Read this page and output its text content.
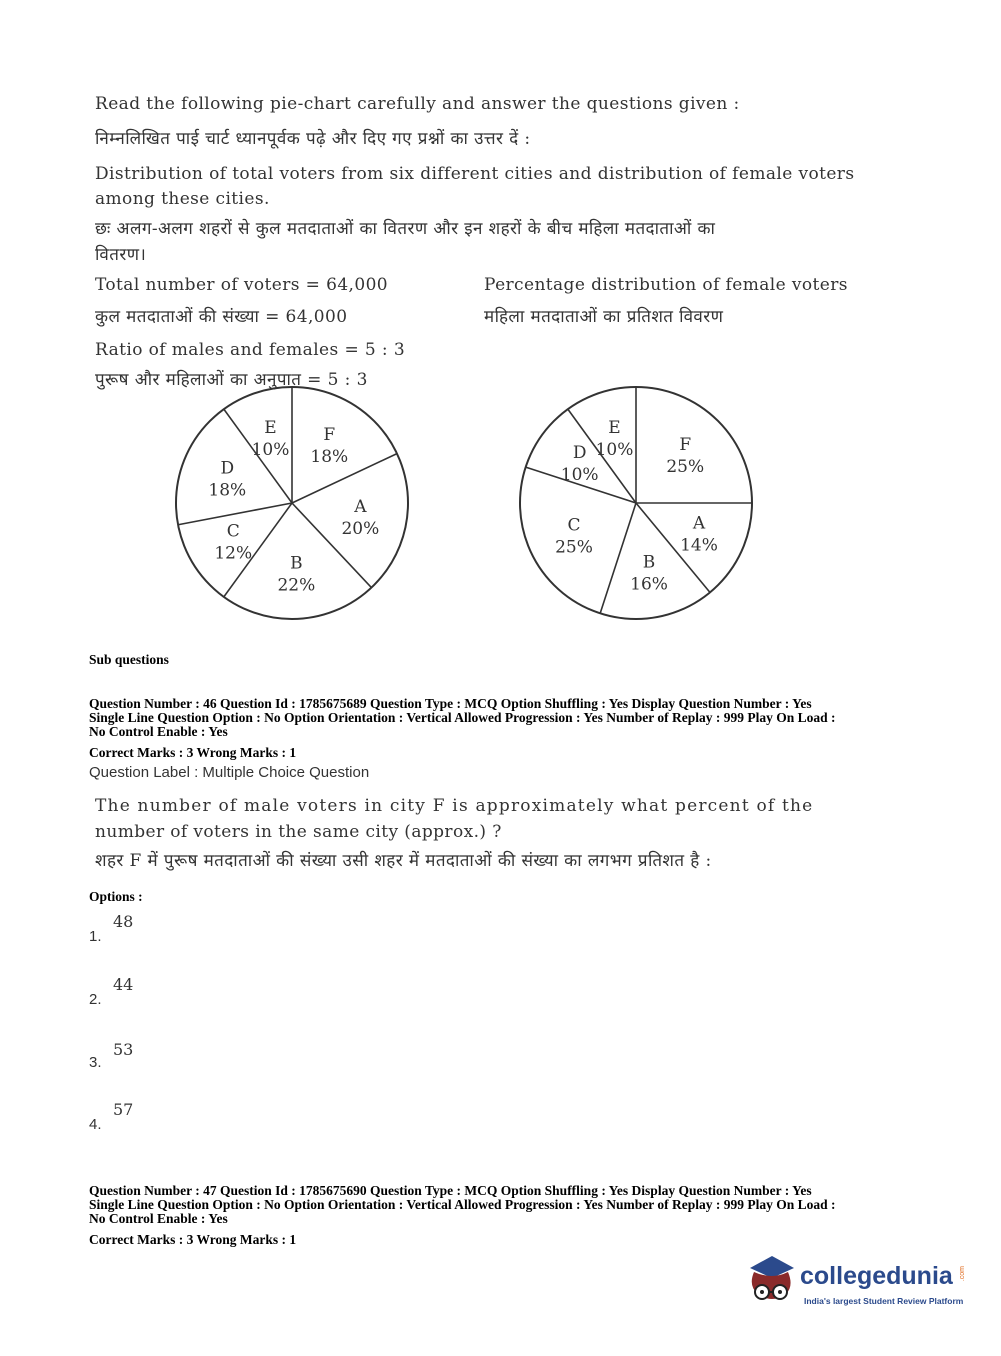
Read the following pie-chart carefully and answer the questions given :
निम्नलिखित पाई चार्ट ध्यानपूर्वक पढ़े और दिए गए प्रश्नों का उत्तर दें :
Distribution of total voters from six different cities and distribution of female voters
among these cities.
छः अलग-अलग शहरों से कुल मतदाताओं का वितरण और इन शहरों के बीच महिला मतदाताओं का
वितरण।
Total number of voters = 64,000
कुल मतदाताओं की संख्या = 64,000
Ratio of males and females = 5 : 3
पुरूष और महिलाओं का अनुपात = 5 : 3
Percentage distribution of female voters
महिला मतदाताओं का प्रतिशत विवरण
F
18%
A
20%
B
22%
C
12%
D
18%
E
10%	F
25%
A
14%
B
16%
C
25%
D
10%
E
10%
Sub questions
Question Number : 46 Question Id : 1785675689 Question Type : MCQ Option Shuffling : Yes Display Question Number : Yes
Single Line Question Option : No Option Orientation : Vertical Allowed Progression : Yes Number of Replay : 999 Play On Load :
No Control Enable : Yes
Correct Marks : 3 Wrong Marks : 1
Question Label : Multiple Choice Question
The number of male voters in city F is approximately what percent of the
number of voters in the same city (approx.) ?
शहर F में पुरूष मतदाताओं की संख्या उसी शहर में मतदाताओं की संख्या का लगभग प्रतिशत है :
Options :
48
1.
44
2.
53
3.
57
4.
Question Number : 47 Question Id : 1785675690 Question Type : MCQ Option Shuffling : Yes Display Question Number : Yes
Single Line Question Option : No Option Orientation : Vertical Allowed Progression : Yes Number of Replay : 999 Play On Load :
No Control Enable : Yes
Correct Marks : 3 Wrong Marks : 1
collegedunia .com
India's largest Student Review Platform
